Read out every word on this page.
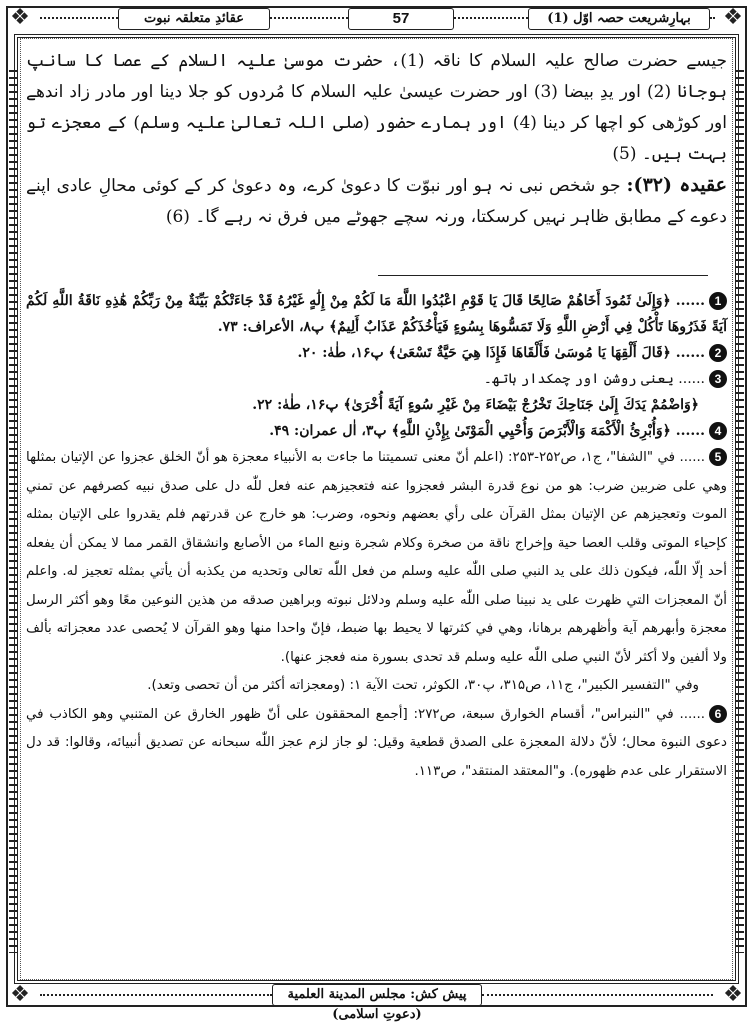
❖	❖
❖	❖
عقائدِ متعلقہ نبوت	57	بہارِشریعت حصہ اوّل (1)

جیسے حضرت صالح علیہ السلام کا ناقہ (1)، حضرت موسیٰ علیہ السلام کے عصا کا سانپ ہوجانا (2) اور یدِ بیضا (3) اور حضرت عیسیٰ علیہ السلام کا مُردوں کو جلا دینا اور مادر زاد اندھے اور کوڑھی کو اچھا کر دینا (4) اور ہمارے حضور (صلی اللہ تعالیٰ علیہ وسلم) کے معجزے تو بہت ہیں۔ (5)

عقیدہ (۳۲): جو شخص نبی نہ ہو اور نبوّت کا دعویٰ کرے، وہ دعویٰ کر کے کوئی محالِ عادی اپنے دعوے کے مطابق ظاہر نہیں کرسکتا، ورنہ سچے جھوٹے میں فرق نہ رہے گا۔ (6)

1...... ﴿وَإِلَىٰ ثَمُودَ أَخَاهُمْ صَالِحًا قَالَ يَا قَوْمِ اعْبُدُوا اللَّهَ مَا لَكُمْ مِنْ إِلَٰهٍ غَيْرُهُ قَدْ جَاءَتْكُمْ بَيِّنَةٌ مِنْ رَبِّكُمْ هَٰذِهِ نَاقَةُ اللَّهِ لَكُمْ آيَةً فَذَرُوهَا تَأْكُلْ فِي أَرْضِ اللَّهِ وَلَا تَمَسُّوهَا بِسُوءٍ فَيَأْخُذَكُمْ عَذَابٌ أَلِيمٌ﴾ پ۸، الأعراف: ۷۳.

2...... ﴿قَالَ أَلْقِهَا يَا مُوسَىٰ فَأَلْقَاهَا فَإِذَا هِيَ حَيَّةٌ تَسْعَىٰ﴾ پ۱۶، طٰهٰ: ۲۰.

3...... یعنی روشن اور چمکدار ہاتھ۔

﴿وَاضْمُمْ يَدَكَ إِلَىٰ جَنَاحِكَ تَخْرُجْ بَيْضَاءَ مِنْ غَيْرِ سُوءٍ آيَةً أُخْرَىٰ﴾ پ۱۶، طٰهٰ: ۲۲.

4...... ﴿وَأُبْرِئُ الْأَكْمَهَ وَالْأَبْرَصَ وَأُحْيِي الْمَوْتَىٰ بِإِذْنِ اللَّهِ﴾ پ۳، اٰل عمران: ۴۹.

5...... في "الشفا"، ج۱، ص۲۵۲-۲۵۳: (اعلم أنّ معنی تسميتنا ما جاءت به الأنبياء معجزة هو أنّ الخلق عجزوا عن الإتيان بمثلها وهي على ضربين ضرب: هو من نوع قدرة البشر فعجزوا عنه فتعجيزهم عنه فعل للّٰه دل على صدق نبيه كصرفهم عن تمني الموت وتعجيزهم عن الإتيان بمثل القرآن على رأي بعضهم ونحوه، وضرب: هو خارج عن قدرتهم فلم يقدروا على الإتيان بمثله كإحياء الموتى وقلب العصا حية وإخراج ناقة من صخرة وكلام شجرة ونبع الماء من الأصابع وانشقاق القمر مما لا يمكن أن يفعله أحد إلّا اللّٰه، فيكون ذلك على يد النبي صلى اللّٰه عليه وسلم من فعل اللّٰه تعالى وتحديه من يكذبه أن يأتي بمثله تعجيز له. واعلم أنّ المعجزات التي ظهرت على يد نبينا صلى اللّٰه عليه وسلم ودلائل نبوته وبراهين صدقه من هذين النوعين معًا وهو أكثر الرسل معجزة وأبهرهم آية وأظهرهم برهانا، وهي في كثرتها لا يحيط بها ضبط، فإنّ واحدا منها وهو القرآن لا يُحصی عدد معجزاته بألف ولا ألفين ولا أكثر لأنّ النبي صلى اللّٰه عليه وسلم قد تحدى بسورة منه فعجز عنها).

وفي "التفسير الكبير"، ج۱۱، ص۳۱۵، پ۳۰، الكوثر، تحت الآية ۱: (ومعجزاته أكثر من أن تحصى وتعد).

6...... في "النبراس"، أقسام الخوارق سبعة، ص۲۷۲: [أجمع المحققون على أنّ ظهور الخارق عن المتنبي وهو الكاذب في دعوى النبوة محال؛ لأنّ دلالة المعجزة على الصدق قطعية وقيل: لو جاز لزم عجز اللّٰه سبحانه عن تصديق أنبيائه، وقالوا: قد دل الاستقرار على عدم ظهوره). و"المعتقد المنتقد"، ص۱۱۳.

پیش کش: مجلس المدينة العلمية (دعوتِ اسلامی)
